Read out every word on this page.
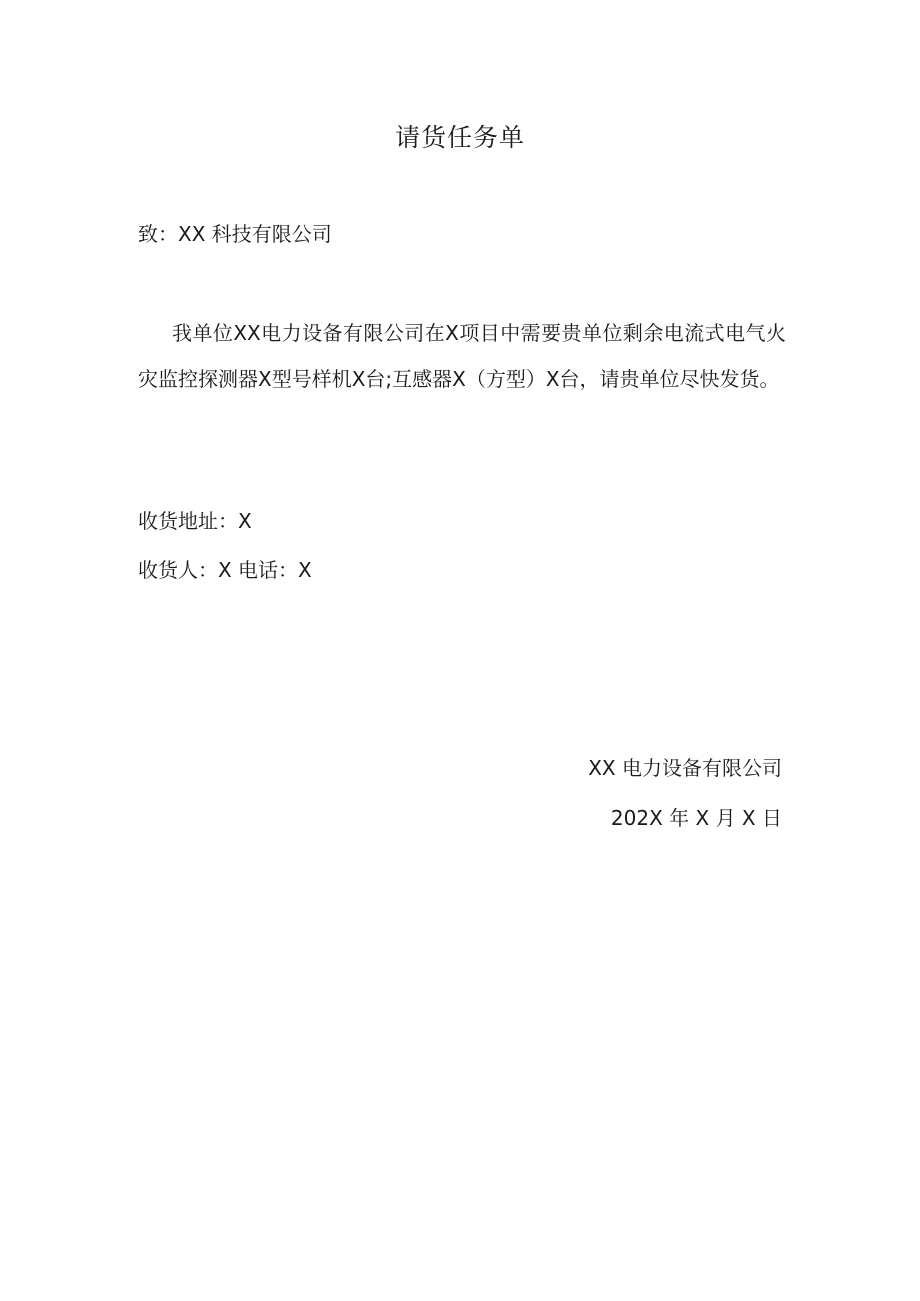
请货任务单
致：XX 科技有限公司
我单位XX电力设备有限公司在X项目中需要贵单位剩余电流式电气火灾监控探测器X型号样机X台;互感器X（方型）X台，请贵单位尽快发货。
收货地址：X
收货人：X 电话：X
XX 电力设备有限公司
202X 年 X 月 X 日
